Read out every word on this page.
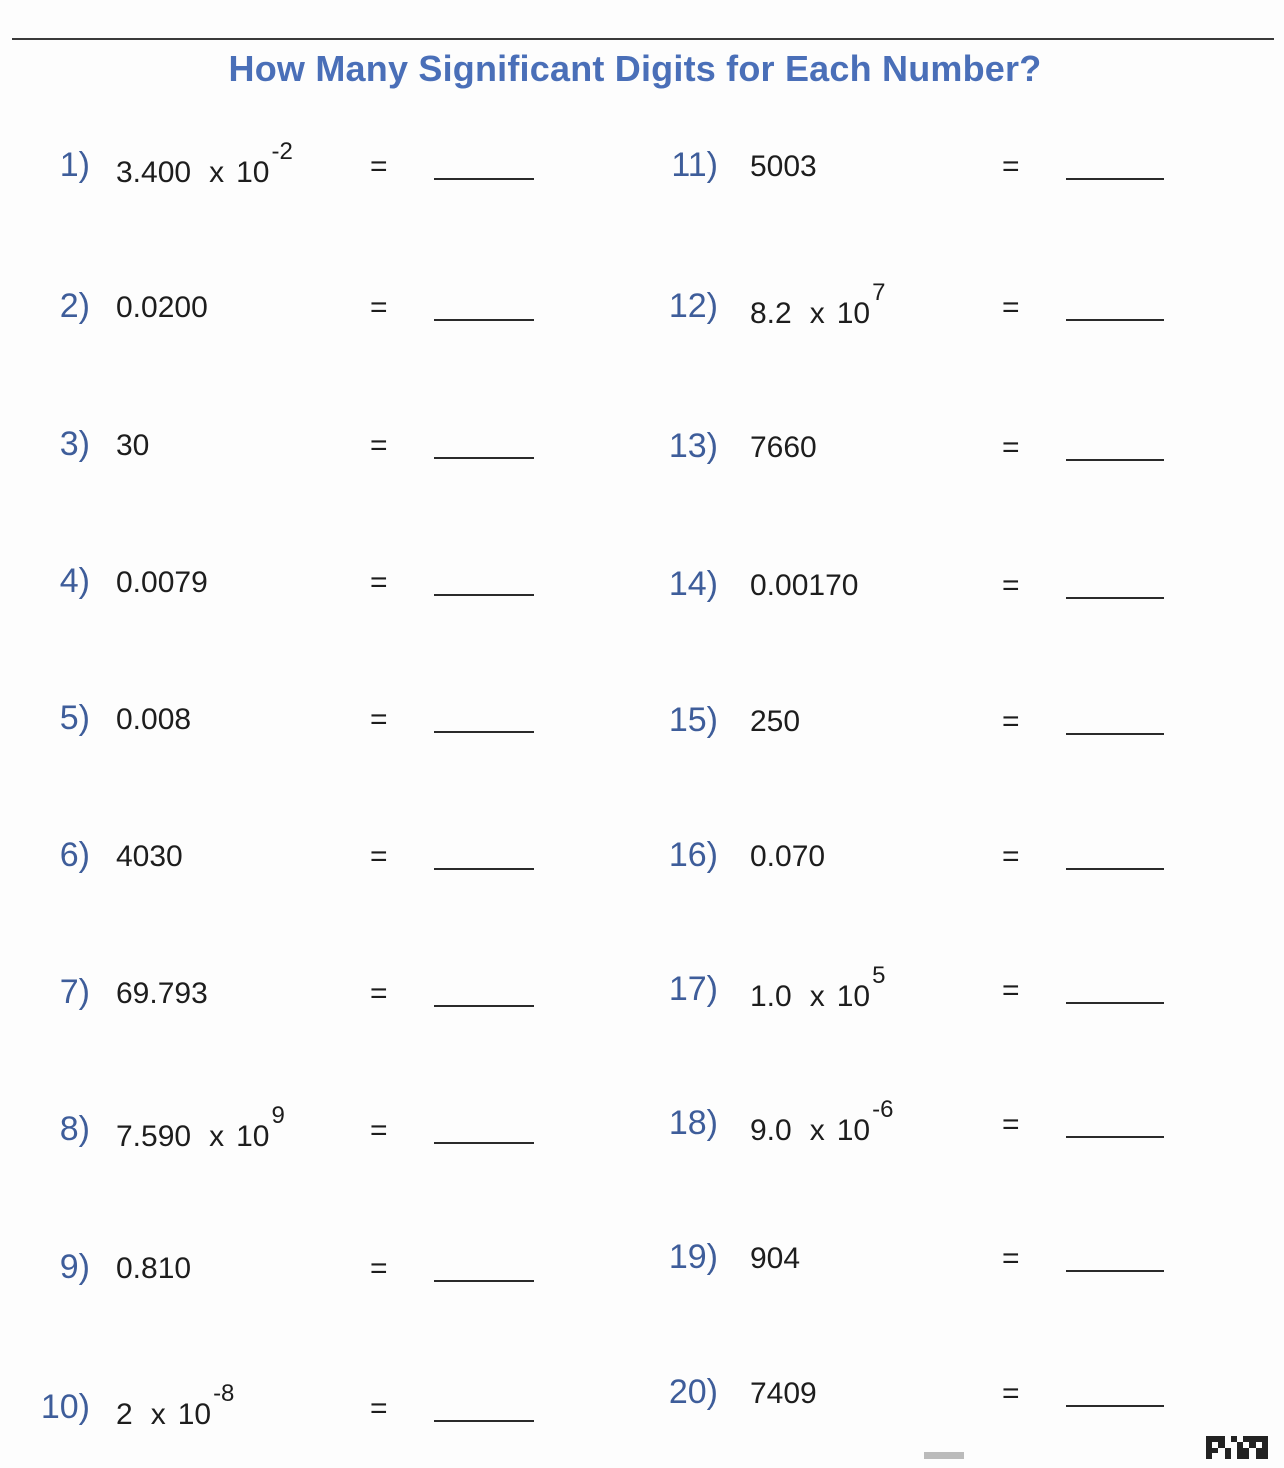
How Many Significant Digits for Each Number?
1) 3.400 x $10^{-2}$	=
2) 0.0200	=
3) 30	=
4) 0.0079	=
5) 0.008	=
6) 4030	=
7) 69.793	=
8) 7.590 x $10^9$	=
9) 0.810	=
10) 2 x $10^{-8}$	=
11) 5003	=
12) 8.2 x $10^7$	=
13) 7660	=
14) 0.00170	=
15) 250	=
16) 0.070	=
17) 1.0 x $10^5$	=
18) 9.0 x $10^{-6}$	=
19) 904	=
20) 7409	=
